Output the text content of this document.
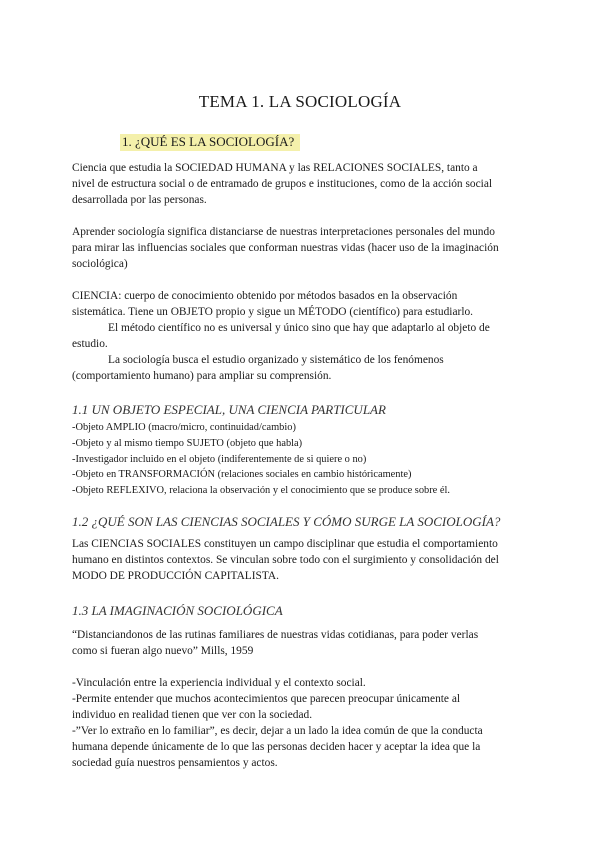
TEMA 1. LA SOCIOLOGÍA
1. ¿QUÉ ES LA SOCIOLOGÍA?
Ciencia que estudia la SOCIEDAD HUMANA y las RELACIONES SOCIALES, tanto a
nivel de estructura social o de entramado de grupos e instituciones, como de la acción social
desarrollada por las personas.
Aprender sociología significa distanciarse de nuestras interpretaciones personales del mundo
para mirar las influencias sociales que conforman nuestras vidas (hacer uso de la imaginación
sociológica)
CIENCIA: cuerpo de conocimiento obtenido por métodos basados en la observación
sistemática. Tiene un OBJETO propio y sigue un MÉTODO (científico) para estudiarlo.
El método científico no es universal y único sino que hay que adaptarlo al objeto de
estudio.
La sociología busca el estudio organizado y sistemático de los fenómenos
(comportamiento humano) para ampliar su comprensión.
1.1 UN OBJETO ESPECIAL, UNA CIENCIA PARTICULAR
-Objeto AMPLIO (macro/micro, continuidad/cambio)
-Objeto y al mismo tiempo SUJETO (objeto que habla)
-Investigador incluido en el objeto (indiferentemente de si quiere o no)
-Objeto en TRANSFORMACIÓN (relaciones sociales en cambio históricamente)
-Objeto REFLEXIVO, relaciona la observación y el conocimiento que se produce sobre él.
1.2 ¿QUÉ SON LAS CIENCIAS SOCIALES Y CÓMO SURGE LA SOCIOLOGÍA?
Las CIENCIAS SOCIALES constituyen un campo disciplinar que estudia el comportamiento
humano en distintos contextos. Se vinculan sobre todo con el surgimiento y consolidación del
MODO DE PRODUCCIÓN CAPITALISTA.
1.3 LA IMAGINACIÓN SOCIOLÓGICA
“Distanciandonos de las rutinas familiares de nuestras vidas cotidianas, para poder verlas
como si fueran algo nuevo” Mills, 1959
-Vinculación entre la experiencia individual y el contexto social.
-Permite entender que muchos acontecimientos que parecen preocupar únicamente al
individuo en realidad tienen que ver con la sociedad.
-”Ver lo extraño en lo familiar”, es decir, dejar a un lado la idea común de que la conducta
humana depende únicamente de lo que las personas deciden hacer y aceptar la idea que la
sociedad guía nuestros pensamientos y actos.
